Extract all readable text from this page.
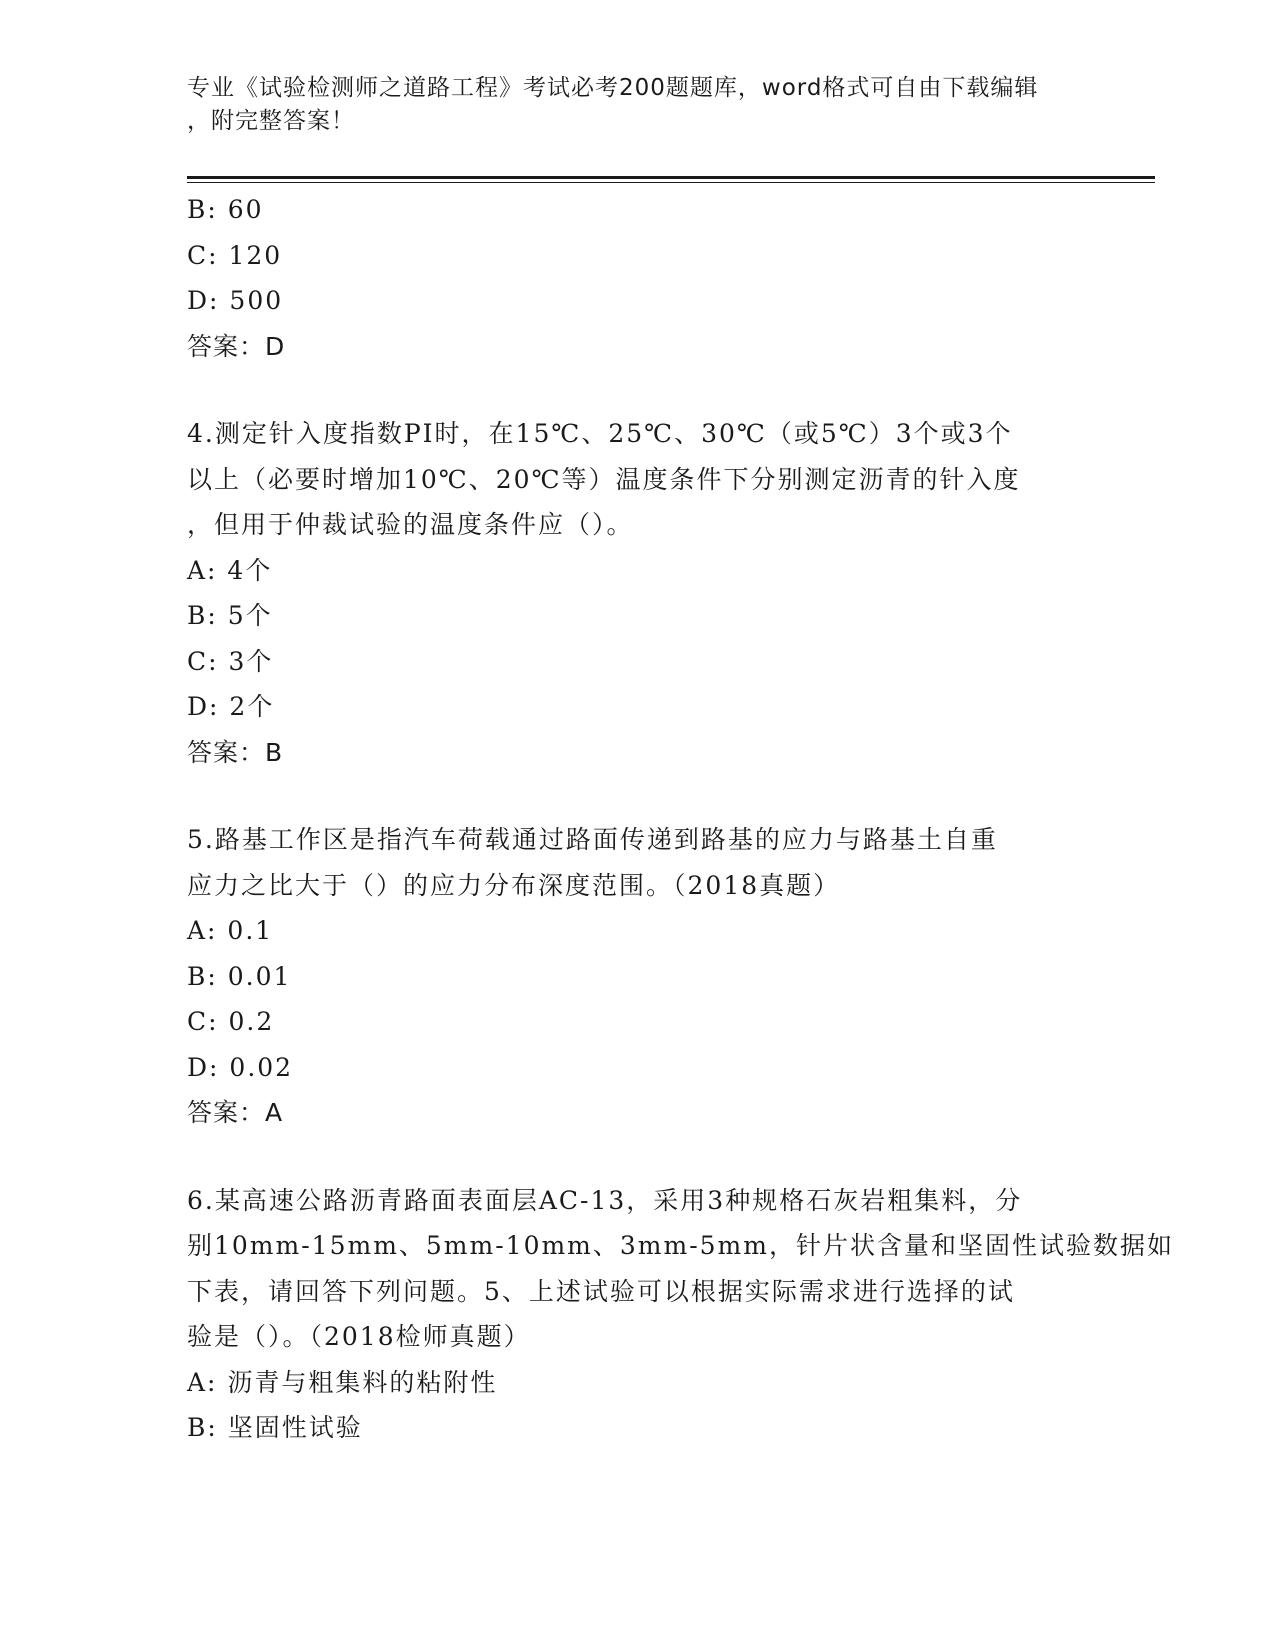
专业《试验检测师之道路工程》考试必考200题题库，word格式可自由下载编辑
，附完整答案！
B: 60
C: 120
D: 500
答案：D
4.测定针入度指数PI时，在15℃、25℃、30℃（或5℃）3个或3个
以上（必要时增加10℃、20℃等）温度条件下分别测定沥青的针入度
，但用于仲裁试验的温度条件应（）。
A: 4个
B: 5个
C: 3个
D: 2个
答案：B
5.路基工作区是指汽车荷载通过路面传递到路基的应力与路基土自重
应力之比大于（）的应力分布深度范围。（2018真题）
A: 0.1
B: 0.01
C: 0.2
D: 0.02
答案：A
6.某高速公路沥青路面表面层AC-13，采用3种规格石灰岩粗集料，分
别10mm-15mm、5mm-10mm、3mm-5mm，针片状含量和坚固性试验数据如
下表，请回答下列问题。5、上述试验可以根据实际需求进行选择的试
验是（）。（2018检师真题）
A: 沥青与粗集料的粘附性
B: 坚固性试验
